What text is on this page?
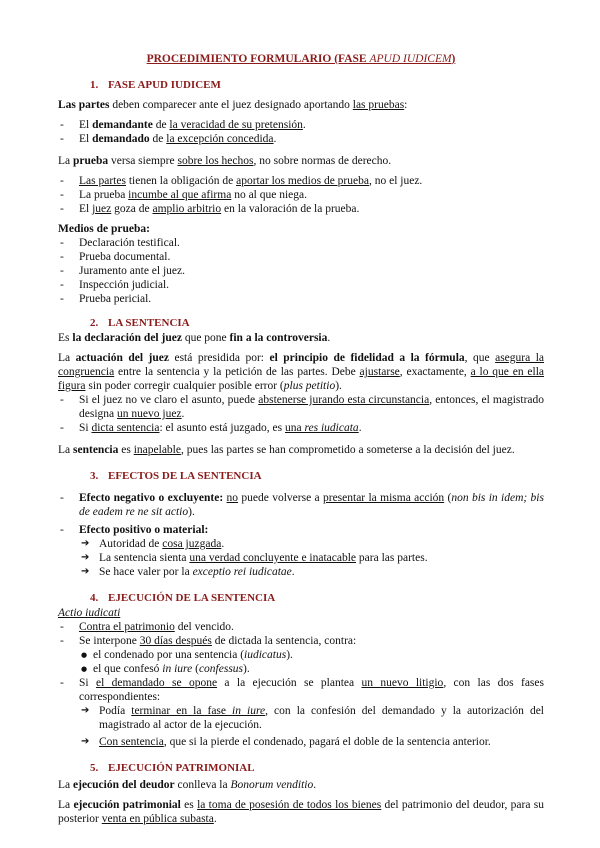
PROCEDIMIENTO FORMULARIO (FASE APUD IUDICEM)
1. FASE APUD IUDICEM

Las partes deben comparecer ante el juez designado aportando las pruebas:

- El demandante de la veracidad de su pretensión.
- El demandado de la excepción concedida.

La prueba versa siempre sobre los hechos, no sobre normas de derecho.

- Las partes tienen la obligación de aportar los medios de prueba, no el juez.
- La prueba incumbe al que afirma no al que niega.
- El juez goza de amplio arbitrio en la valoración de la prueba.

Medios de prueba:

- Declaración testifical.
- Prueba documental.
- Juramento ante el juez.
- Inspección judicial.
- Prueba pericial.
2. LA SENTENCIA

Es la declaración del juez que pone fin a la controversia.

La actuación del juez está presidida por: el principio de fidelidad a la fórmula, que asegura la congruencia entre la sentencia y la petición de las partes. Debe ajustarse, exactamente, a lo que en ella figura sin poder corregir cualquier posible error (plus petitio).

- Si el juez no ve claro el asunto, puede abstenerse jurando esta circunstancia, entonces, el magistrado designa un nuevo juez.
- Si dicta sentencia: el asunto está juzgado, es una res iudicata.

La sentencia es inapelable, pues las partes se han comprometido a someterse a la decisión del juez.

3. EFECTOS DE LA SENTENCIA
- Efecto negativo o excluyente: no puede volverse a presentar la misma acción (non bis in idem; bis de eadem re ne sit actio).
- Efecto positivo o material:
➔ Autoridad de cosa juzgada.
➔ La sentencia sienta una verdad concluyente e inatacable para las partes.
➔ Se hace valer por la exceptio rei iudicatae.
4. EJECUCIÓN DE LA SENTENCIA

Actio iudicati

- Contra el patrimonio del vencido.
- Se interpone 30 días después de dictada la sentencia, contra:
● el condenado por una sentencia (iudicatus).
● el que confesó in iure (confessus).
- Si el demandado se opone a la ejecución se plantea un nuevo litigio, con las dos fases correspondientes:
➔ Podía terminar en la fase in iure, con la confesión del demandado y la autorización del magistrado al actor de la ejecución.
➔ Con sentencia, que si la pierde el condenado, pagará el doble de la sentencia anterior.
5. EJECUCIÓN PATRIMONIAL

La ejecución del deudor conlleva la Bonorum venditio.

La ejecución patrimonial es la toma de posesión de todos los bienes del patrimonio del deudor, para su posterior venta en pública subasta.
